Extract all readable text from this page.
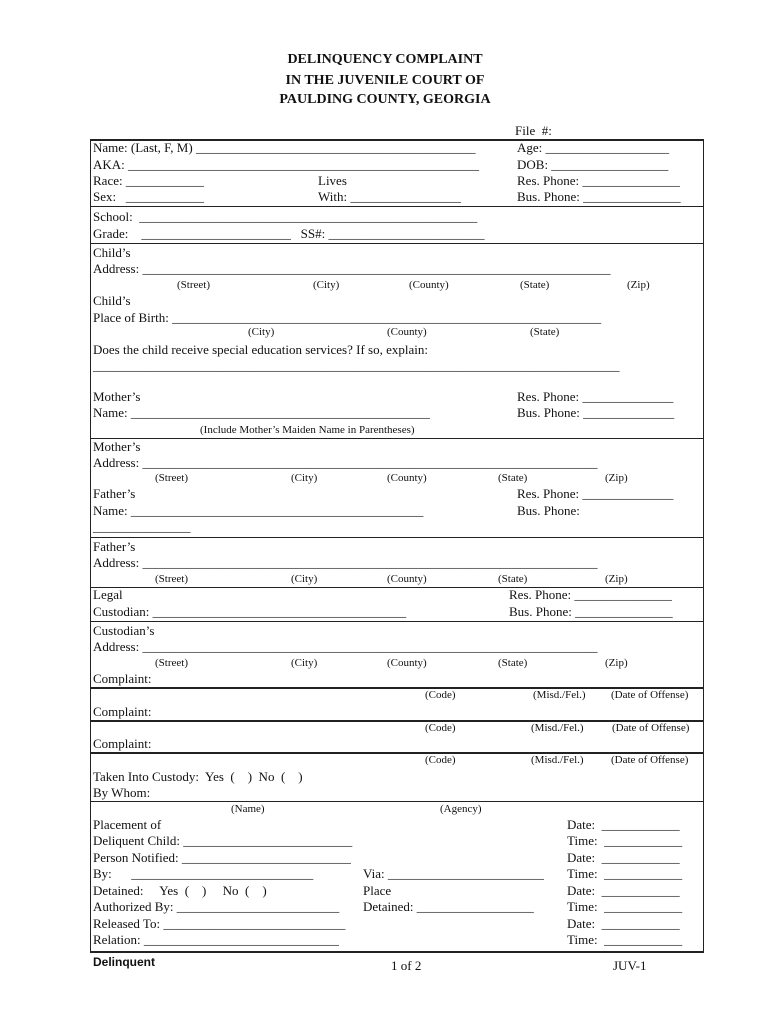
DELINQUENCY COMPLAINT
IN THE JUVENILE COURT OF
PAULDING COUNTY, GEORGIA
File  #:
Name: (Last, F, M) ___________________________________________	Age: ___________________
AKA: ______________________________________________________	DOB: __________________
Race: ____________	Lives	Res. Phone: _______________
Sex:   ____________	With: _________________	Bus. Phone: _______________
School:  ____________________________________________________
Grade:    _______________________   SS#: ________________________
Child’s
Address: ________________________________________________________________________
(Street)	(City)	(County)	(State)	(Zip)
Child’s
Place of Birth: __________________________________________________________________
(City)	(County)	(State)
Does the child receive special education services? If so, explain:
_________________________________________________________________________________
Mother’s	Res. Phone: ______________
Name: ______________________________________________	Bus. Phone: ______________
(Include Mother’s Maiden Name in Parentheses)
Mother’s
Address: ______________________________________________________________________
(Street)	(City)	(County)	(State)	(Zip)
Father’s	Res. Phone: ______________
Name: _____________________________________________	Bus. Phone:
_______________
Father’s
Address: ______________________________________________________________________
(Street)	(City)	(County)	(State)	(Zip)
Legal	Res. Phone: _______________
Custodian: _______________________________________	Bus. Phone: _______________
Custodian’s
Address: ______________________________________________________________________
(Street)	(City)	(County)	(State)	(Zip)
Complaint:
(Code)	(Misd./Fel.) (Date of Offense)
Complaint:
(Code)	(Misd./Fel.)	(Date of Offense)
Complaint:
(Code)	(Misd./Fel.) (Date of Offense)
Taken Into Custody:  Yes  (    )  No  (    )
By Whom:
(Name)	(Agency)
Placement of	Date:  ____________
Deliquent Child: __________________________	Time:  ____________
Person Notified: __________________________	Date:  ____________
By:      ____________________________	Via: ________________________ Time:  ____________
Detained:     Yes  (    )     No  (    )	Place	Date:  ____________
Authorized By: _________________________ Detained: __________________	Time:  ____________
Released To: ____________________________	Date:  ____________
Relation: ______________________________	Time:  ____________
Delinquent	1 of 2	JUV-1
